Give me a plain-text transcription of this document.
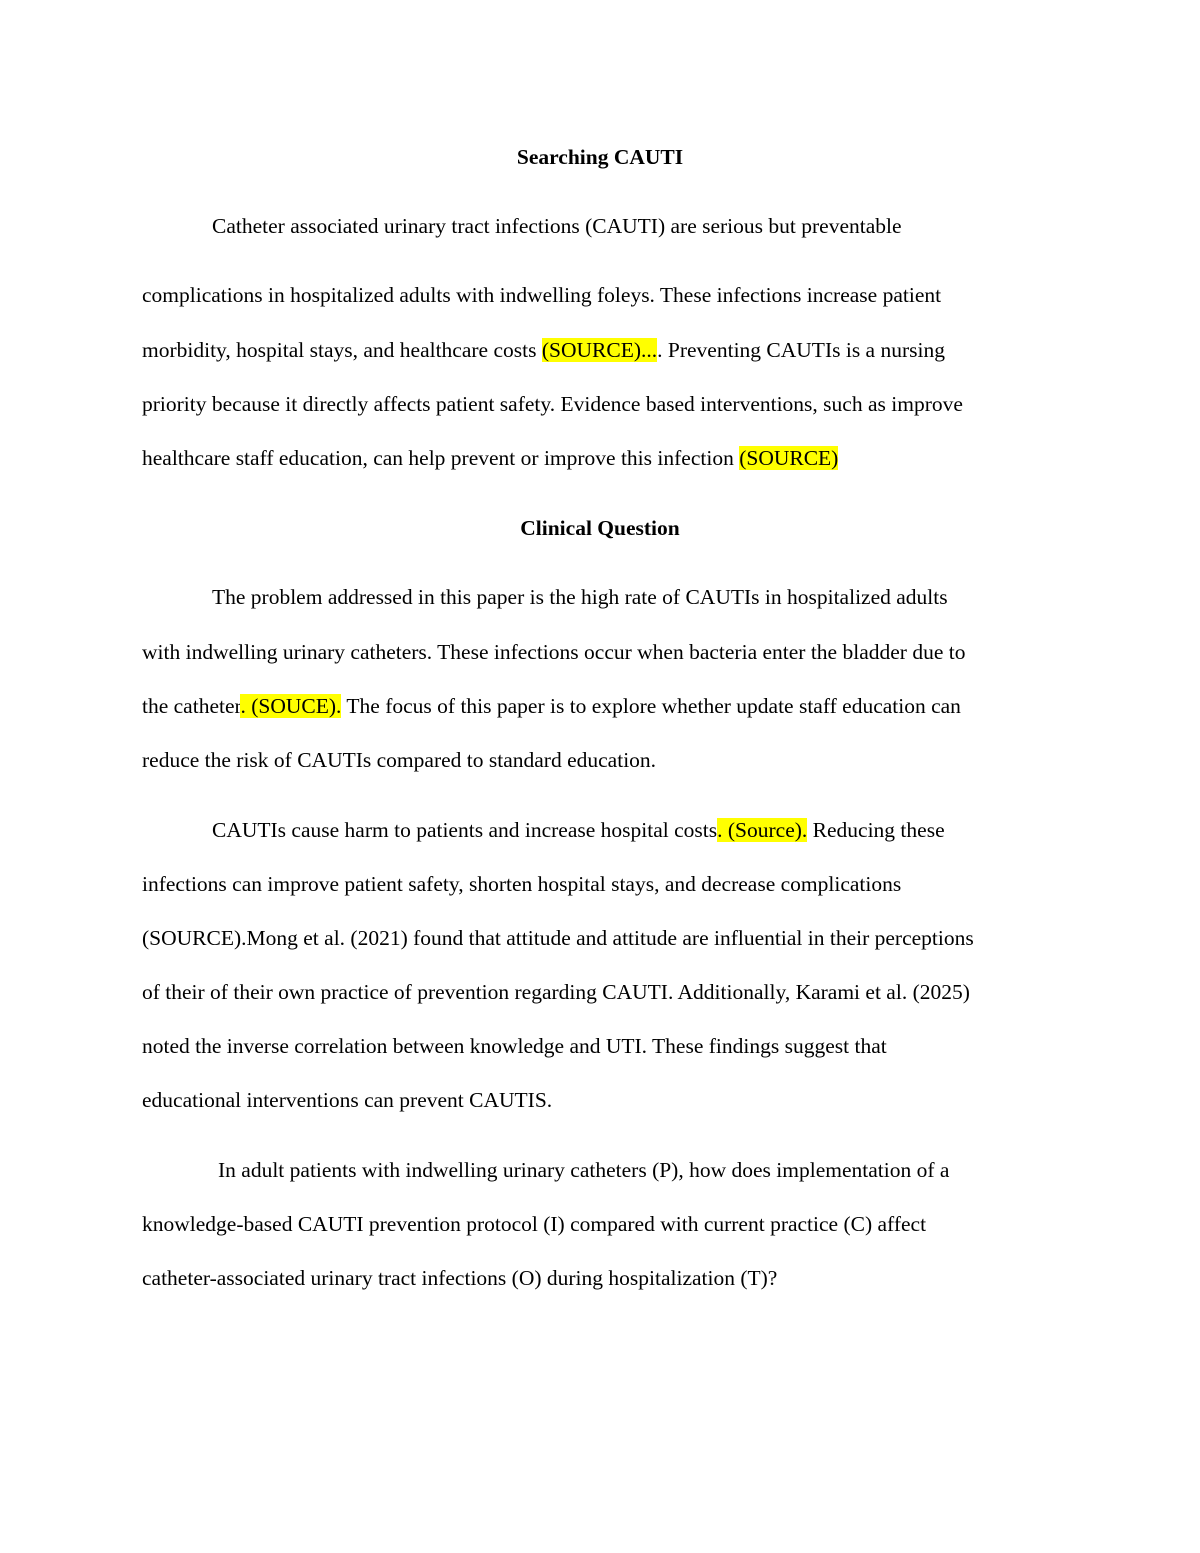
Searching CAUTI
Catheter associated urinary tract infections (CAUTI) are serious but preventable
complications in hospitalized adults with indwelling foleys. These infections increase patient
morbidity, hospital stays, and healthcare costs (SOURCE).... Preventing CAUTIs is a nursing
priority because it directly affects patient safety. Evidence based interventions, such as improve
healthcare staff education, can help prevent or improve this infection (SOURCE)
Clinical Question
The problem addressed in this paper is the high rate of CAUTIs in hospitalized adults
with indwelling urinary catheters. These infections occur when bacteria enter the bladder due to
the catheter. (SOUCE). The focus of this paper is to explore whether update staff education can
reduce the risk of CAUTIs compared to standard education.
CAUTIs cause harm to patients and increase hospital costs. (Source). Reducing these
infections can improve patient safety, shorten hospital stays, and decrease complications
(SOURCE).Mong et al. (2021) found that attitude and attitude are influential in their perceptions
of their of their own practice of prevention regarding CAUTI. Additionally, Karami et al. (2025)
noted the inverse correlation between knowledge and UTI. These findings suggest that
educational interventions can prevent CAUTIS.
In adult patients with indwelling urinary catheters (P), how does implementation of a
knowledge-based CAUTI prevention protocol (I) compared with current practice (C) affect
catheter-associated urinary tract infections (O) during hospitalization (T)?
